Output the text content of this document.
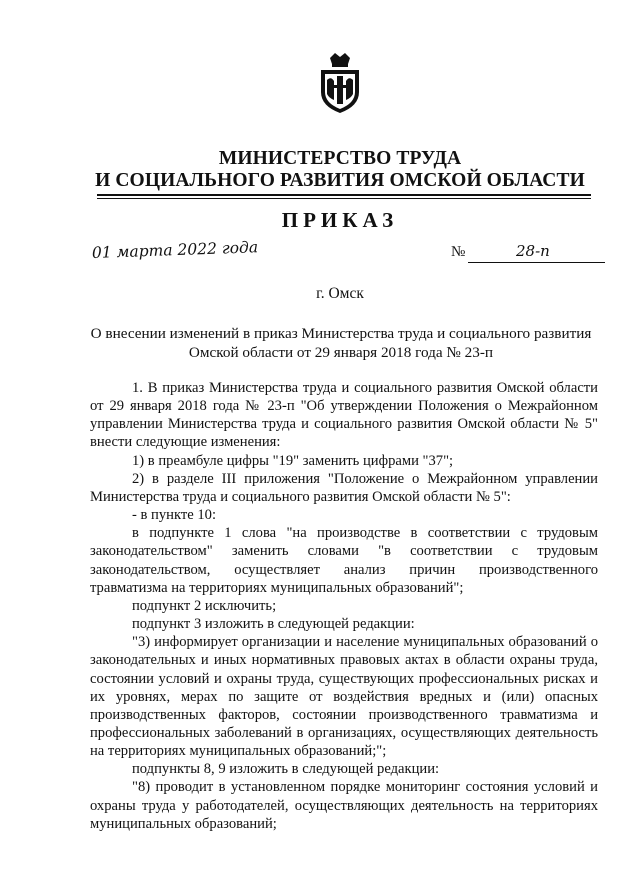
МИНИСТЕРСТВО ТРУДА
И СОЦИАЛЬНОГО РАЗВИТИЯ ОМСКОЙ ОБЛАСТИ
ПРИКАЗ
01 марта 2022 года	№	28-п
г. Омск
О внесении изменений в приказ Министерства труда и социального развития
Омской области от 29 января 2018 года № 23-п

1. В приказ Министерства труда и социального развития Омской области от 29 января 2018 года № 23-п "Об утверждении Положения о Межрайонном управлении Министерства труда и социального развития Омской области № 5" внести следующие изменения:

1) в преамбуле цифры "19" заменить цифрами "37";

2) в разделе III приложения "Положение о Межрайонном управлении Министерства труда и социального развития Омской области № 5":

- в пункте 10:

в подпункте 1 слова "на производстве в соответствии с трудовым законодательством" заменить словами "в соответствии с трудовым законодательством, осуществляет анализ причин производственного травматизма на территориях муниципальных образований";

подпункт 2 исключить;

подпункт 3 изложить в следующей редакции:

"3) информирует организации и население муниципальных образований о законодательных и иных нормативных правовых актах в области охраны труда, состоянии условий и охраны труда, существующих профессиональных рисках и их уровнях, мерах по защите от воздействия вредных и (или) опасных производственных факторов, состоянии производственного травматизма и профессиональных заболеваний в организациях, осуществляющих деятельность на территориях муниципальных образований;";

подпункты 8, 9 изложить в следующей редакции:

"8) проводит в установленном порядке мониторинг состояния условий и охраны труда у работодателей, осуществляющих деятельность на территориях муниципальных образований;
